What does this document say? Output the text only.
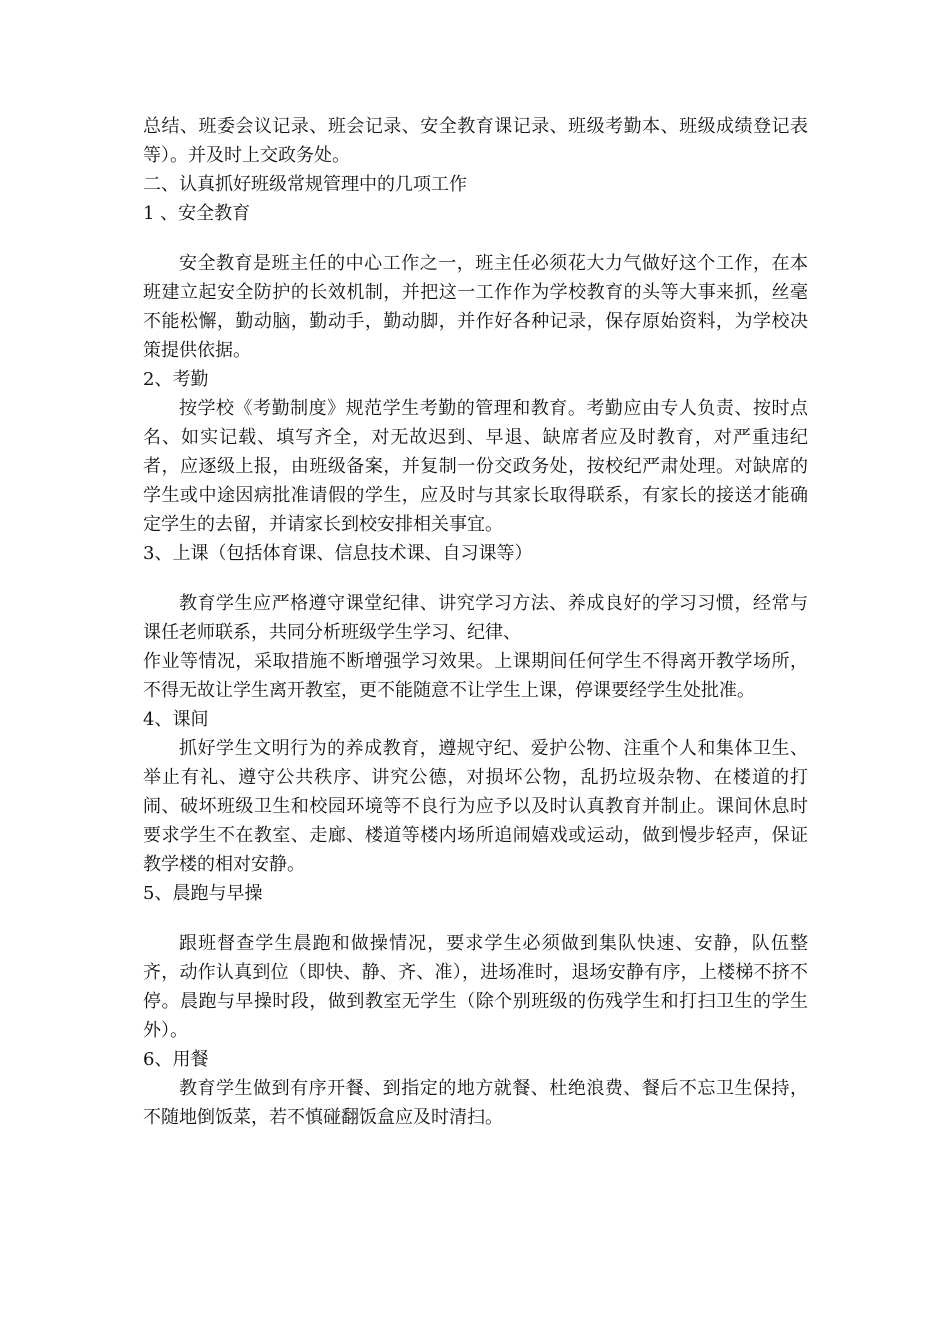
总结、班委会议记录、班会记录、安全教育课记录、班级考勤本、班级成绩登记表等）。并及时上交政务处。

二、认真抓好班级常规管理中的几项工作

1 、安全教育

安全教育是班主任的中心工作之一，班主任必须花大力气做好这个工作，在本班建立起安全防护的长效机制，并把这一工作作为学校教育的头等大事来抓，丝毫不能松懈，勤动脑，勤动手，勤动脚，并作好各种记录，保存原始资料，为学校决策提供依据。

2、考勤

按学校《考勤制度》规范学生考勤的管理和教育。考勤应由专人负责、按时点名、如实记载、填写齐全，对无故迟到、早退、缺席者应及时教育，对严重违纪者，应逐级上报，由班级备案，并复制一份交政务处，按校纪严肃处理。对缺席的学生或中途因病批准请假的学生，应及时与其家长取得联系，有家长的接送才能确定学生的去留，并请家长到校安排相关事宜。

3、上课（包括体育课、信息技术课、自习课等）

教育学生应严格遵守课堂纪律、讲究学习方法、养成良好的学习习惯，经常与课任老师联系，共同分析班级学生学习、纪律、

作业等情况，采取措施不断增强学习效果。上课期间任何学生不得离开教学场所，不得无故让学生离开教室，更不能随意不让学生上课，停课要经学生处批准。

4、课间

抓好学生文明行为的养成教育，遵规守纪、爱护公物、注重个人和集体卫生、举止有礼、遵守公共秩序、讲究公德，对损坏公物，乱扔垃圾杂物、在楼道的打闹、破坏班级卫生和校园环境等不良行为应予以及时认真教育并制止。课间休息时要求学生不在教室、走廊、楼道等楼内场所追闹嬉戏或运动，做到慢步轻声，保证教学楼的相对安静。

5、晨跑与早操

跟班督查学生晨跑和做操情况，要求学生必须做到集队快速、安静，队伍整齐，动作认真到位（即快、静、齐、准），进场准时，退场安静有序，上楼梯不挤不停。晨跑与早操时段，做到教室无学生（除个别班级的伤残学生和打扫卫生的学生外）。

6、用餐

教育学生做到有序开餐、到指定的地方就餐、杜绝浪费、餐后不忘卫生保持，不随地倒饭菜，若不慎碰翻饭盒应及时清扫。
